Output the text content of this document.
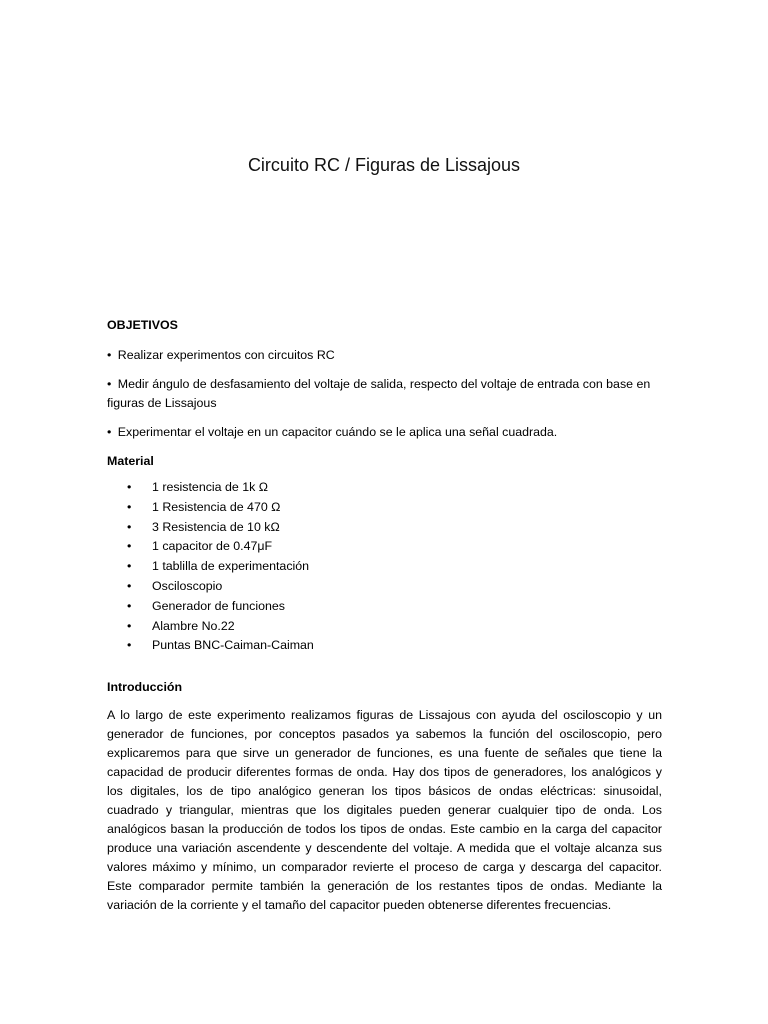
Circuito RC / Figuras de Lissajous

OBJETIVOS

• Realizar experimentos con circuitos RC

• Medir ángulo de desfasamiento del voltaje de salida, respecto del voltaje de entrada con base en figuras de Lissajous

• Experimentar el voltaje en un capacitor cuándo se le aplica una señal cuadrada.

Material

• 1 resistencia de 1k Ω
• 1 Resistencia de 470 Ω
• 3 Resistencia de 10 kΩ
• 1 capacitor de 0.47μF
• 1 tablilla de experimentación
• Osciloscopio
• Generador de funciones
• Alambre No.22
• Puntas BNC-Caiman-Caiman

Introducción

A lo largo de este experimento realizamos figuras de Lissajous con ayuda del osciloscopio y un generador de funciones, por conceptos pasados ya sabemos la función del osciloscopio, pero explicaremos para que sirve un generador de funciones, es una fuente de señales que tiene la capacidad de producir diferentes formas de onda. Hay dos tipos de generadores, los analógicos y los digitales, los de tipo analógico generan los tipos básicos de ondas eléctricas: sinusoidal, cuadrado y triangular, mientras que los digitales pueden generar cualquier tipo de onda. Los analógicos basan la producción de todos los tipos de ondas. Este cambio en la carga del capacitor produce una variación ascendente y descendente del voltaje. A medida que el voltaje alcanza sus valores máximo y mínimo, un comparador revierte el proceso de carga y descarga del capacitor. Este comparador permite también la generación de los restantes tipos de ondas. Mediante la variación de la corriente y el tamaño del capacitor pueden obtenerse diferentes frecuencias.
